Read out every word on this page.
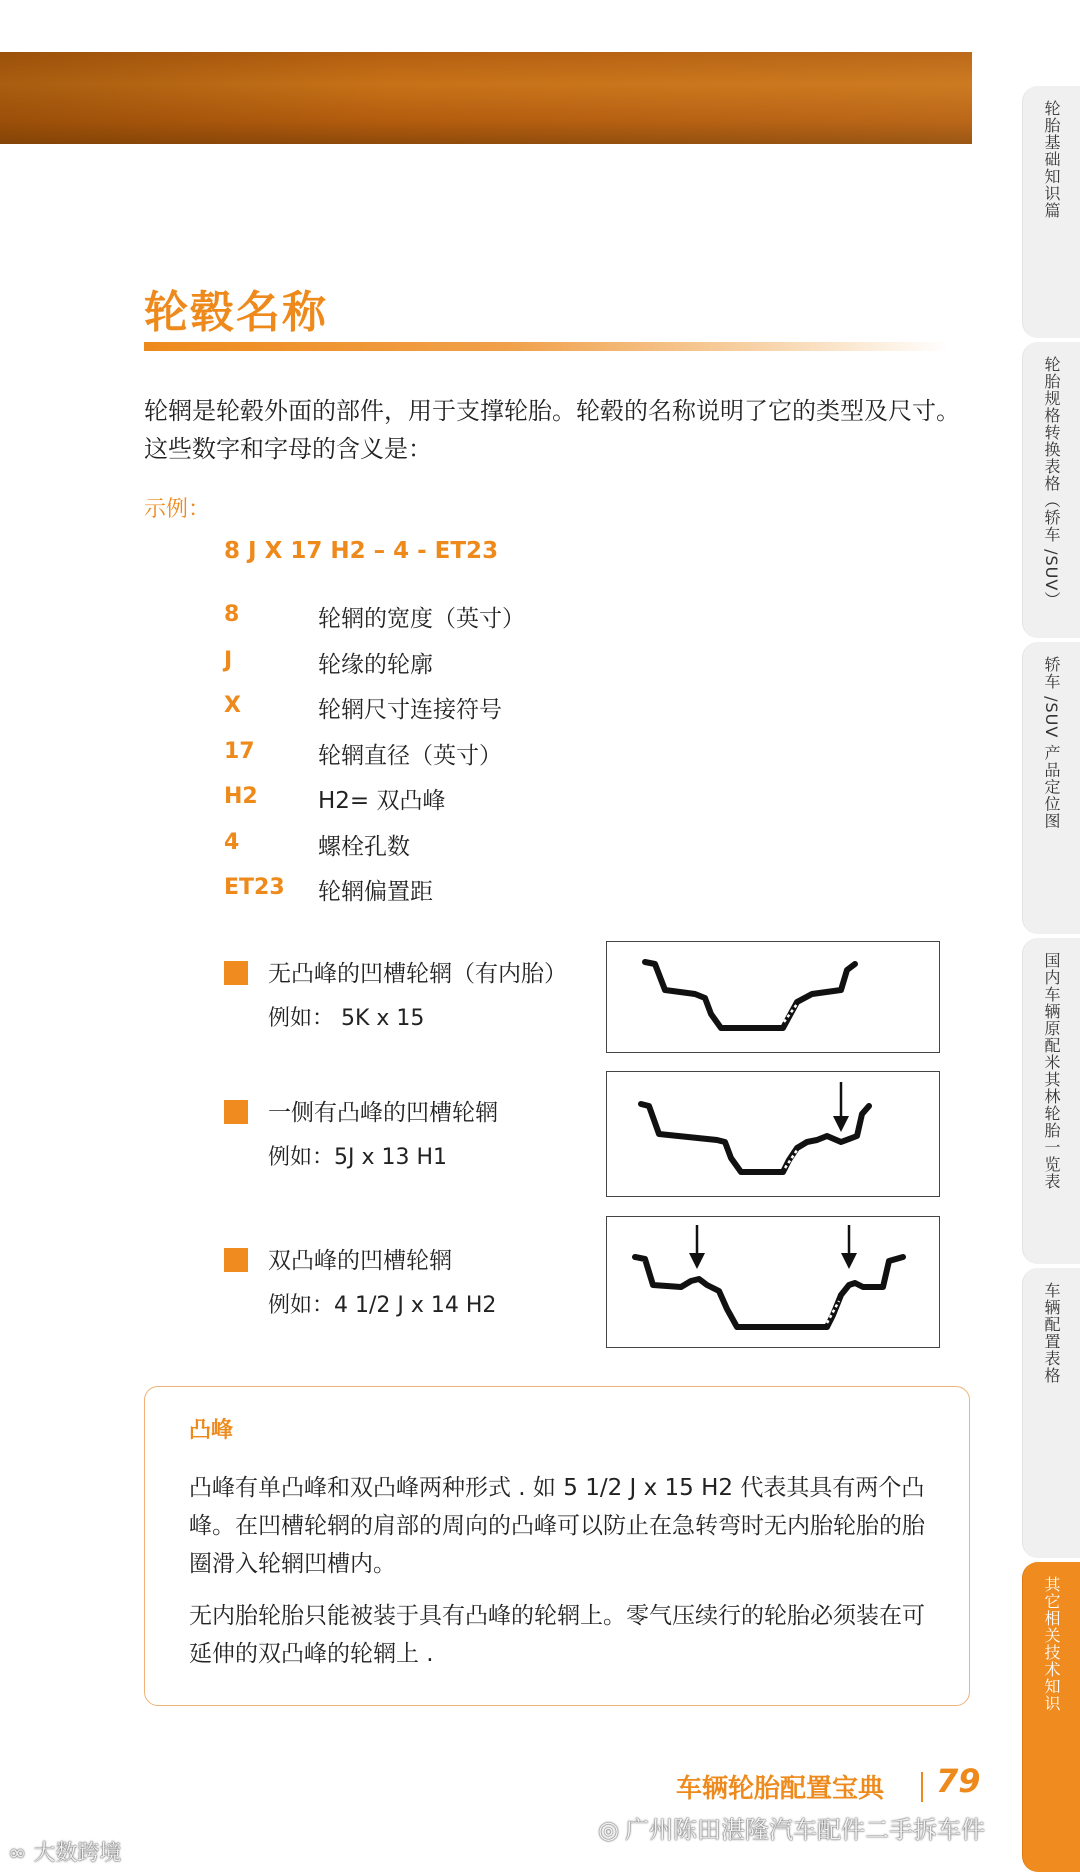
轮毂名称
轮辋是轮毂外面的部件，用于支撑轮胎。轮毂的名称说明了它的类型及尺寸。这些数字和字母的含义是：
示例：
8 J X 17 H2 – 4 - ET23
8	轮辋的宽度（英寸）
J	轮缘的轮廓
X	轮辋尺寸连接符号
17	轮辋直径（英寸）
H2	H2= 双凸峰
4	螺栓孔数
ET23 轮辋偏置距
无凸峰的凹槽轮辋（有内胎）
例如： 5K x 15
一侧有凸峰的凹槽轮辋
例如：5J x 13 H1
双凸峰的凹槽轮辋
例如：4 1/2 J x 14 H2
凸峰
凸峰有单凸峰和双凸峰两种形式 . 如 5 1/2 J x 15 H2 代表其具有两个凸峰。在凹槽轮辋的肩部的周向的凸峰可以防止在急转弯时无内胎轮胎的胎圈滑入轮辋凹槽内。
无内胎轮胎只能被装于具有凸峰的轮辋上。零气压续行的轮胎必须装在可延伸的双凸峰的轮辋上 .
车辆轮胎配置宝典 79
◎ 广州陈田湛隆汽车配件二手拆车件
∞ 大数跨境
轮胎基础知识篇
轮胎规格转换表格（轿车 /SUV）
轿车 /SUV 产品定位图
国内车辆原配米其林轮胎一览表
车辆配置表格
其它相关技术知识
